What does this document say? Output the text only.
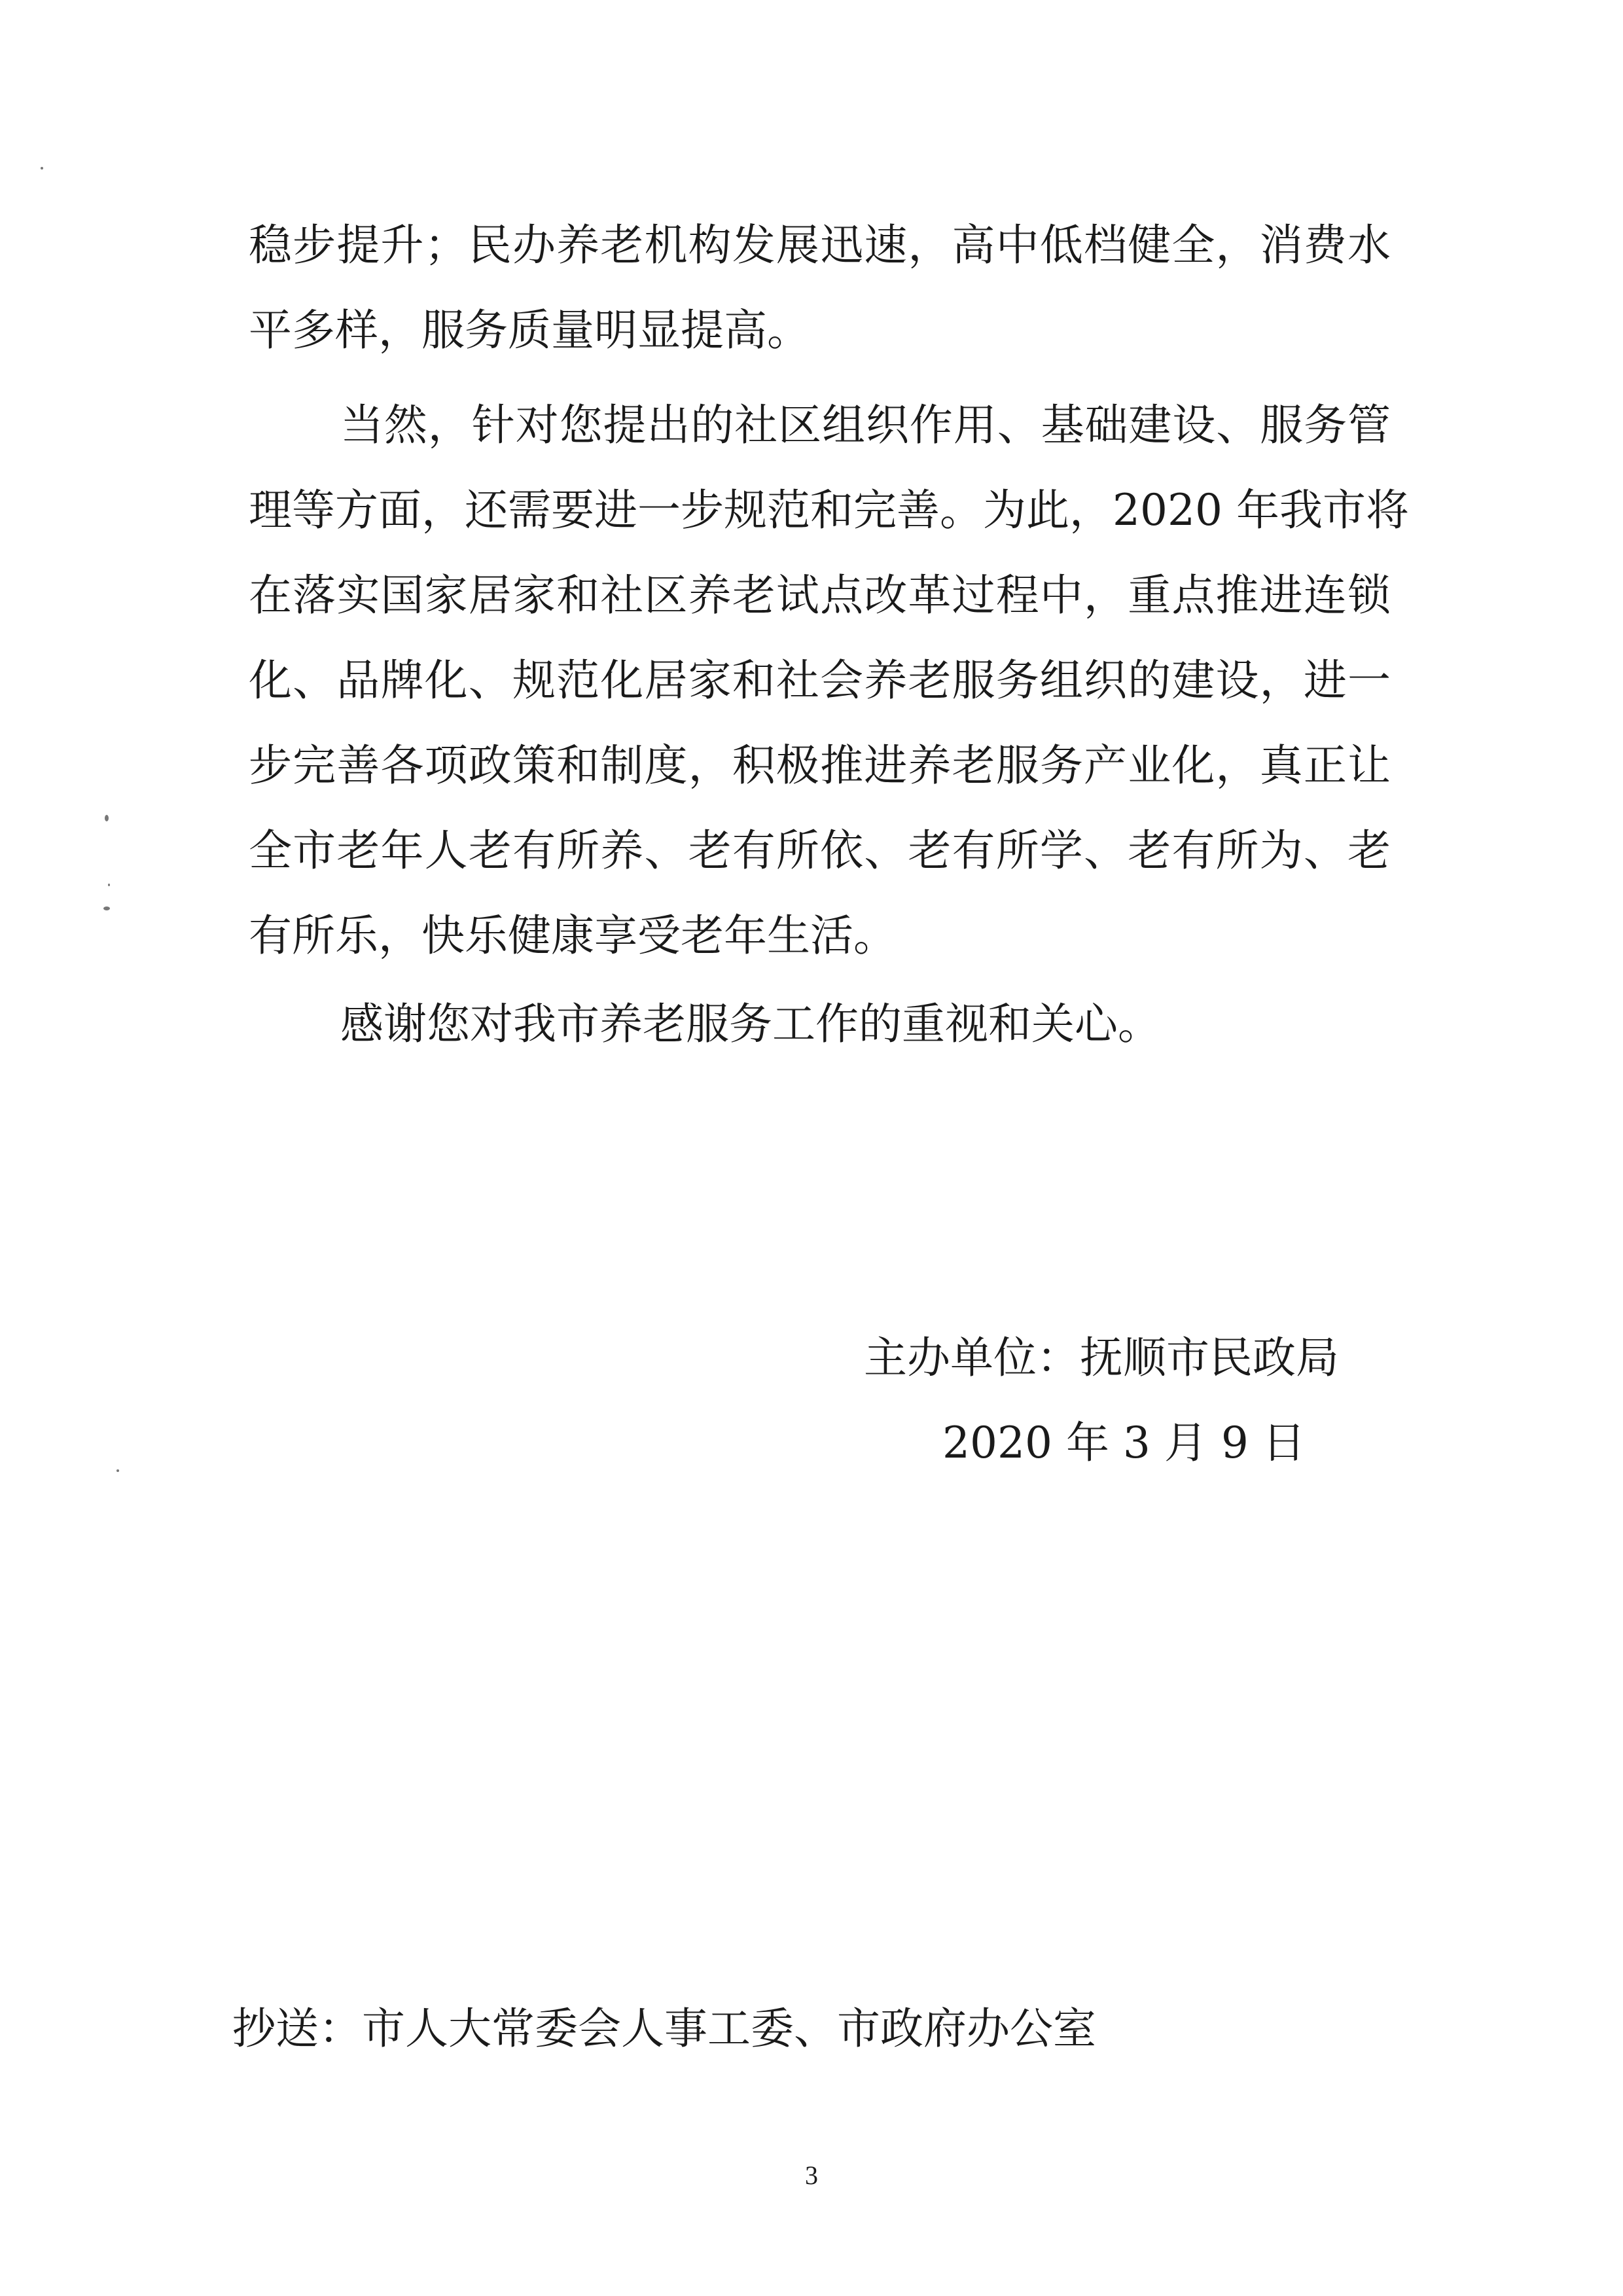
稳步提升；民办养老机构发展迅速，高中低档健全，消费水
平多样，服务质量明显提高。
当然，针对您提出的社区组织作用、基础建设、服务管
理等方面，还需要进一步规范和完善。为此，2020 年我市将
在落实国家居家和社区养老试点改革过程中，重点推进连锁
化、品牌化、规范化居家和社会养老服务组织的建设，进一
步完善各项政策和制度，积极推进养老服务产业化，真正让
全市老年人老有所养、老有所依、老有所学、老有所为、老
有所乐，快乐健康享受老年生活。
感谢您对我市养老服务工作的重视和关心。
主办单位：抚顺市民政局
2020 年 3 月 9 日
抄送：市人大常委会人事工委、市政府办公室
3
